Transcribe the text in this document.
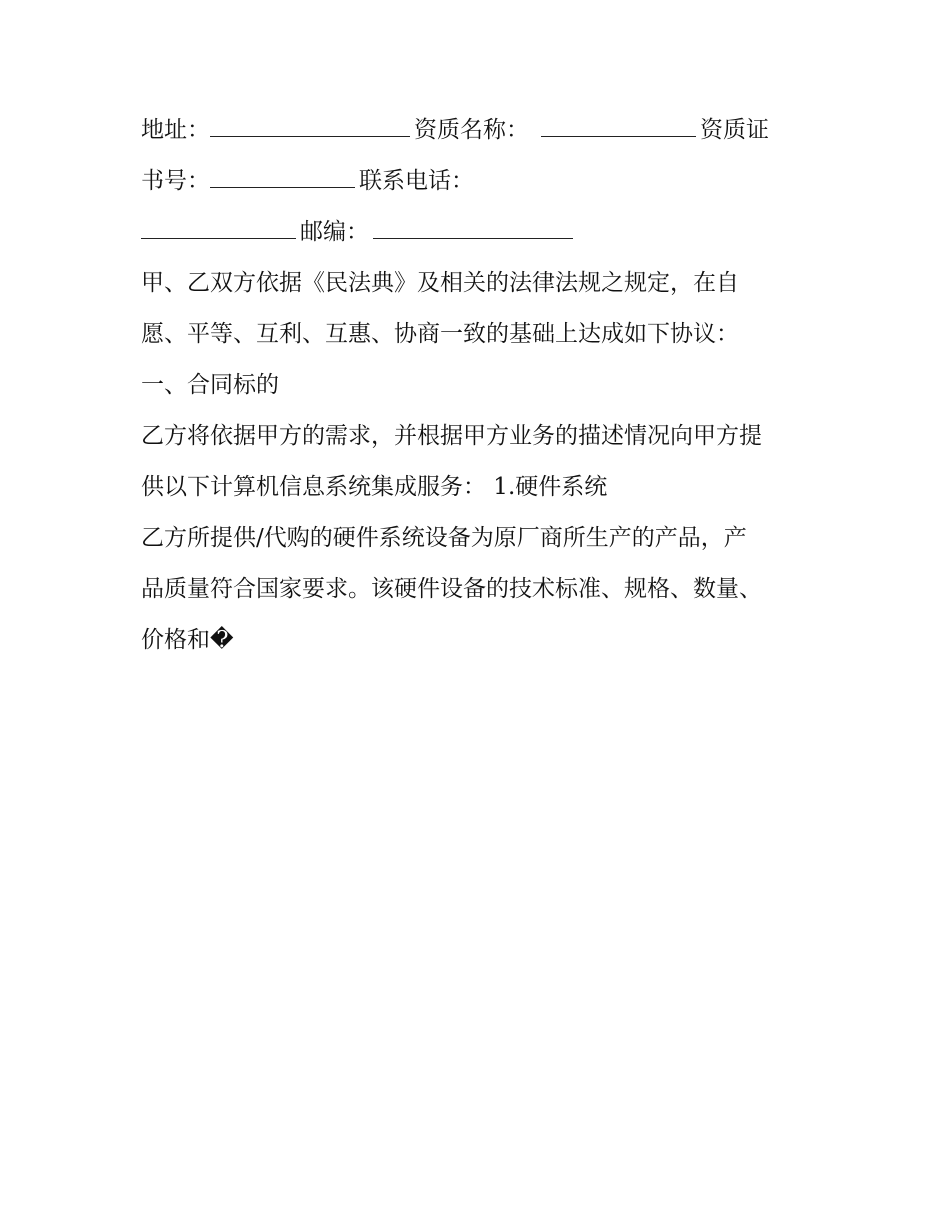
地址：	资质名称：	资质证
书号：	联系电话：
邮编：
甲、乙双方依据《民法典》及相关的法律法规之规定，在自
愿、平等、互利、互惠、协商一致的基础上达成如下协议：
一、合同标的
乙方将依据甲方的需求，并根据甲方业务的描述情况向甲方提
供以下计算机信息系统集成服务： 1.硬件系统
乙方所提供/代购的硬件系统设备为原厂商所生产的产品，产
品质量符合国家要求。该硬件设备的技术标准、规格、数量、
价格和�
